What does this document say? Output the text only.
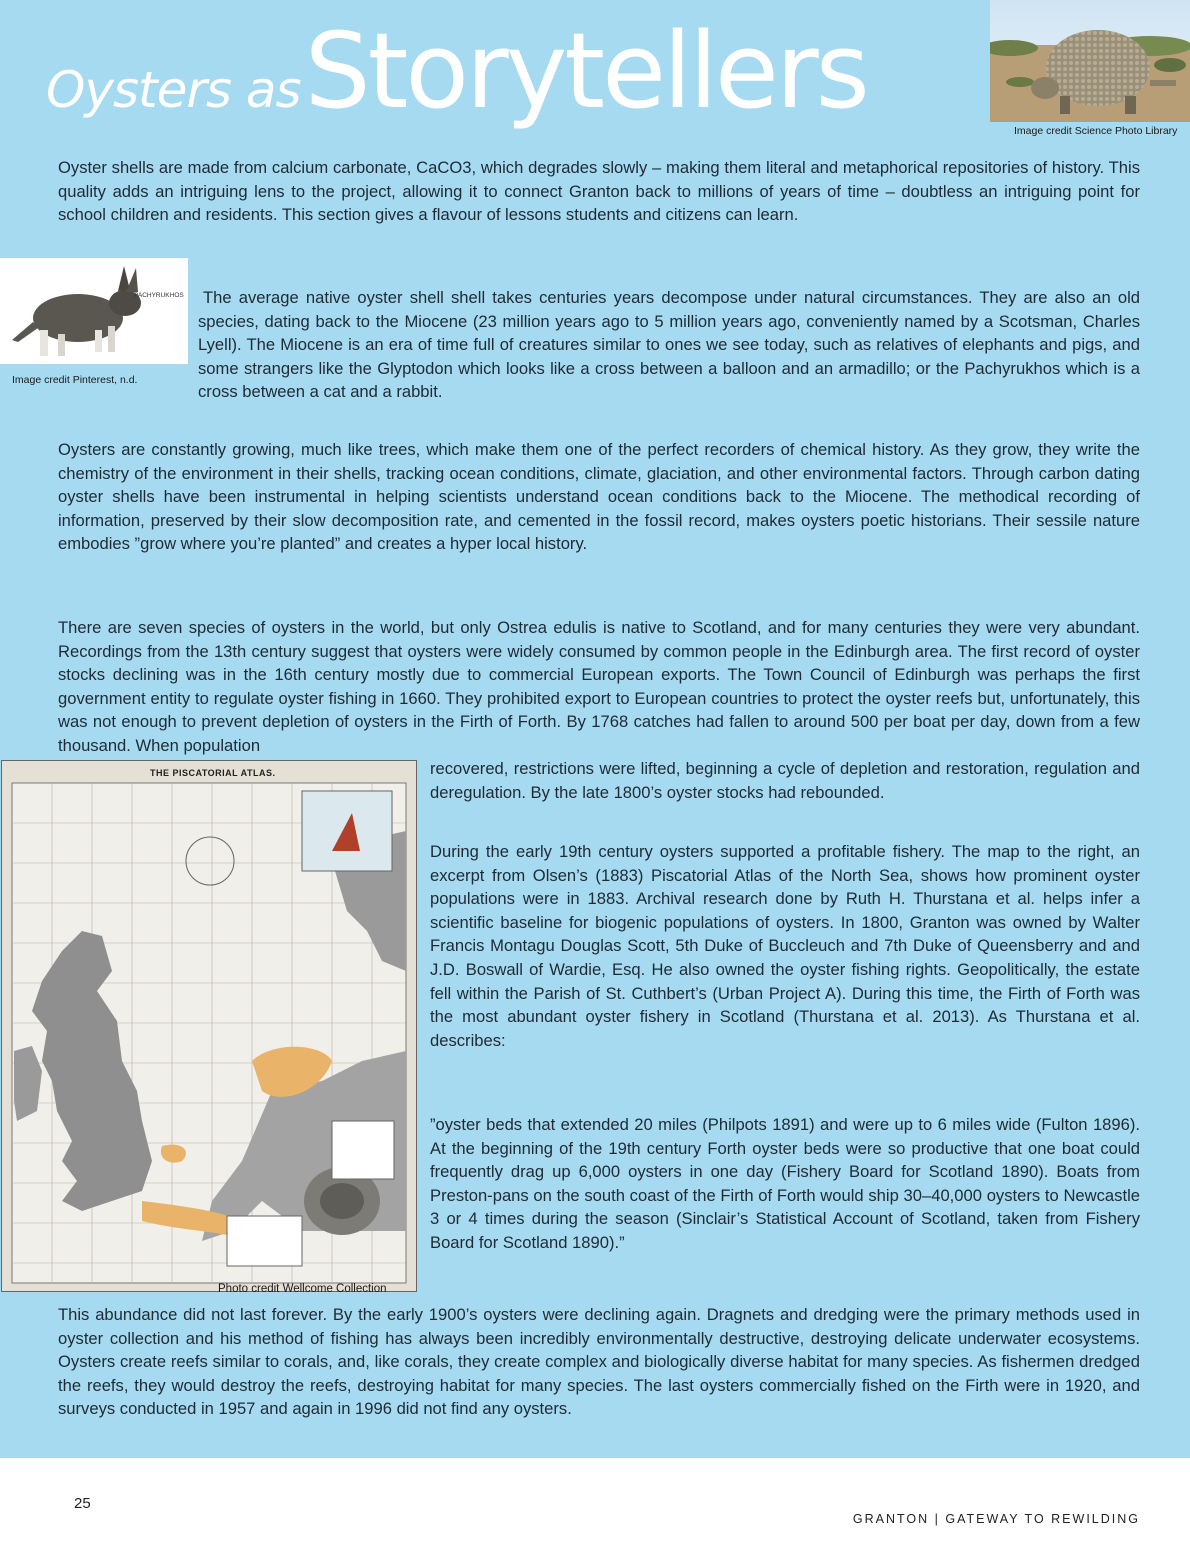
Oysters asStorytellers	Image credit Science Photo Library

Oyster shells are made from calcium carbonate, CaCO3, which degrades slowly – making them literal and metaphorical repositories of history. This quality adds an intriguing lens to the project, allowing it to connect Granton back to millions of years of time – doubtless an intriguing point for school children and residents. This section gives a flavour of lessons students and citizens can learn.

PACHYRUKHOS
Image credit Pinterest, n.d.

The average native oyster shell shell takes centuries years decompose under natural circumstances. They are also an old species, dating back to the Miocene (23 million years ago to 5 million years ago, conveniently named by a Scotsman, Charles Lyell). The Miocene is an era of time full of creatures similar to ones we see today, such as relatives of elephants and pigs, and some strangers like the Glyptodon which looks like a cross between a balloon and an armadillo; or the Pachyrukhos which is a cross between a cat and a rabbit.

Oysters are constantly growing, much like trees, which make them one of the perfect recorders of chemical history. As they grow, they write the chemistry of the environment in their shells, tracking ocean conditions, climate, glaciation, and other environmental factors. Through carbon dating oyster shells have been instrumental in helping scientists understand ocean conditions back to the Miocene. The methodical recording of information, preserved by their slow decomposition rate, and cemented in the fossil record, makes oysters poetic historians. Their sessile nature embodies ”grow where you’re planted” and creates a hyper local history.

There are seven species of oysters in the world, but only Ostrea edulis is native to Scotland, and for many centuries they were very abundant. Recordings from the 13th century suggest that oysters were widely consumed by common people in the Edinburgh area. The first record of oyster stocks declining was in the 16th century mostly due to commercial European exports. The Town Council of Edinburgh was perhaps the first government entity to regulate oyster fishing in 1660. They prohibited export to European countries to protect the oyster reefs but, unfortunately, this was not enough to prevent depletion of oysters in the Firth of Forth. By 1768 catches had fallen to around 500 per boat per day, down from a few thousand. When population

THE PISCATORIAL ATLAS.
Photo credit Wellcome Collection

recovered, restrictions were lifted, beginning a cycle of depletion and restoration, regulation and deregulation. By the late 1800’s oyster stocks had rebounded.

During the early 19th century oysters supported a profitable fishery. The map to the right, an excerpt from Olsen’s (1883) Piscatorial Atlas of the North Sea, shows how prominent oyster populations were in 1883. Archival research done by Ruth H. Thurstana et al. helps infer a scientific baseline for biogenic populations of oysters. In 1800, Granton was owned by Walter Francis Montagu Douglas Scott, 5th Duke of Buccleuch and 7th Duke of Queensberry and and J.D. Boswall of Wardie, Esq. He also owned the oyster fishing rights. Geopolitically, the estate fell within the Parish of St. Cuthbert’s (Urban Project A). During this time, the Firth of Forth was the most abundant oyster fishery in Scotland (Thurstana et al. 2013). As Thurstana et al. describes:

”oyster beds that extended 20 miles (Philpots 1891) and were up to 6 miles wide (Fulton 1896). At the beginning of the 19th century Forth oyster beds were so productive that one boat could frequently drag up 6,000 oysters in one day (Fishery Board for Scotland 1890). Boats from Preston-pans on the south coast of the Firth of Forth would ship 30–40,000 oysters to Newcastle 3 or 4 times during the season (Sinclair’s Statistical Account of Scotland, taken from Fishery Board for Scotland 1890).”

This abundance did not last forever. By the early 1900’s oysters were declining again. Dragnets and dredging were the primary methods used in oyster collection and his method of fishing has always been incredibly environmentally destructive, destroying delicate underwater ecosystems. Oysters create reefs similar to corals, and, like corals, they create complex and biologically diverse habitat for many species. As fishermen dredged the reefs, they would destroy the reefs, destroying habitat for many species. The last oysters commercially fished on the Firth were in 1920, and surveys conducted in 1957 and again in 1996 did not find any oysters.

25
GRANTON | GATEWAY TO REWILDING
